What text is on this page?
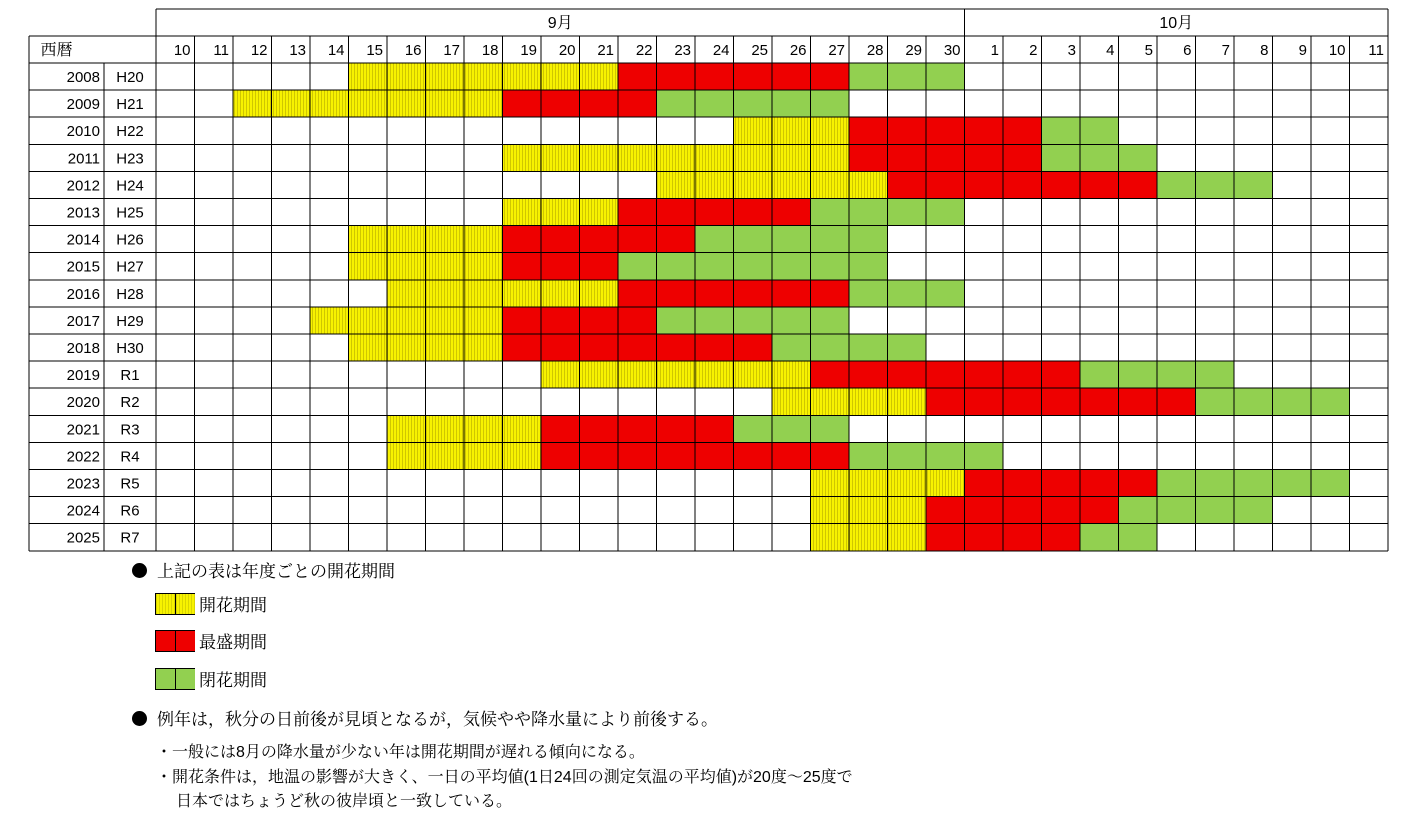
9月	10月
西暦	10 11 12 13 14 15 16 17 18 19 20 21 22 23 24 25 26 27 28 29 30 1 2 3 4 5 6 7 8 9 10 11
2008 H20
2009 H21
2010 H22
2011 H23
2012 H24
2013 H25
2014 H26
2015 H27
2016 H28
2017 H29
2018 H30
2019 R1
2020 R2
2021 R3
2022 R4
2023 R5
2024 R6
2025 R7
上記の表は年度ごとの開花期間
開花期間
最盛期間
閉花期間
例年は，秋分の日前後が見頃となるが，気候やや降水量により前後する。
・一般には8月の降水量が少ない年は開花期間が遅れる傾向になる。
・開花条件は，地温の影響が大きく、一日の平均値(1日24回の測定気温の平均値)が20度～25度で
日本ではちょうど秋の彼岸頃と一致している。
